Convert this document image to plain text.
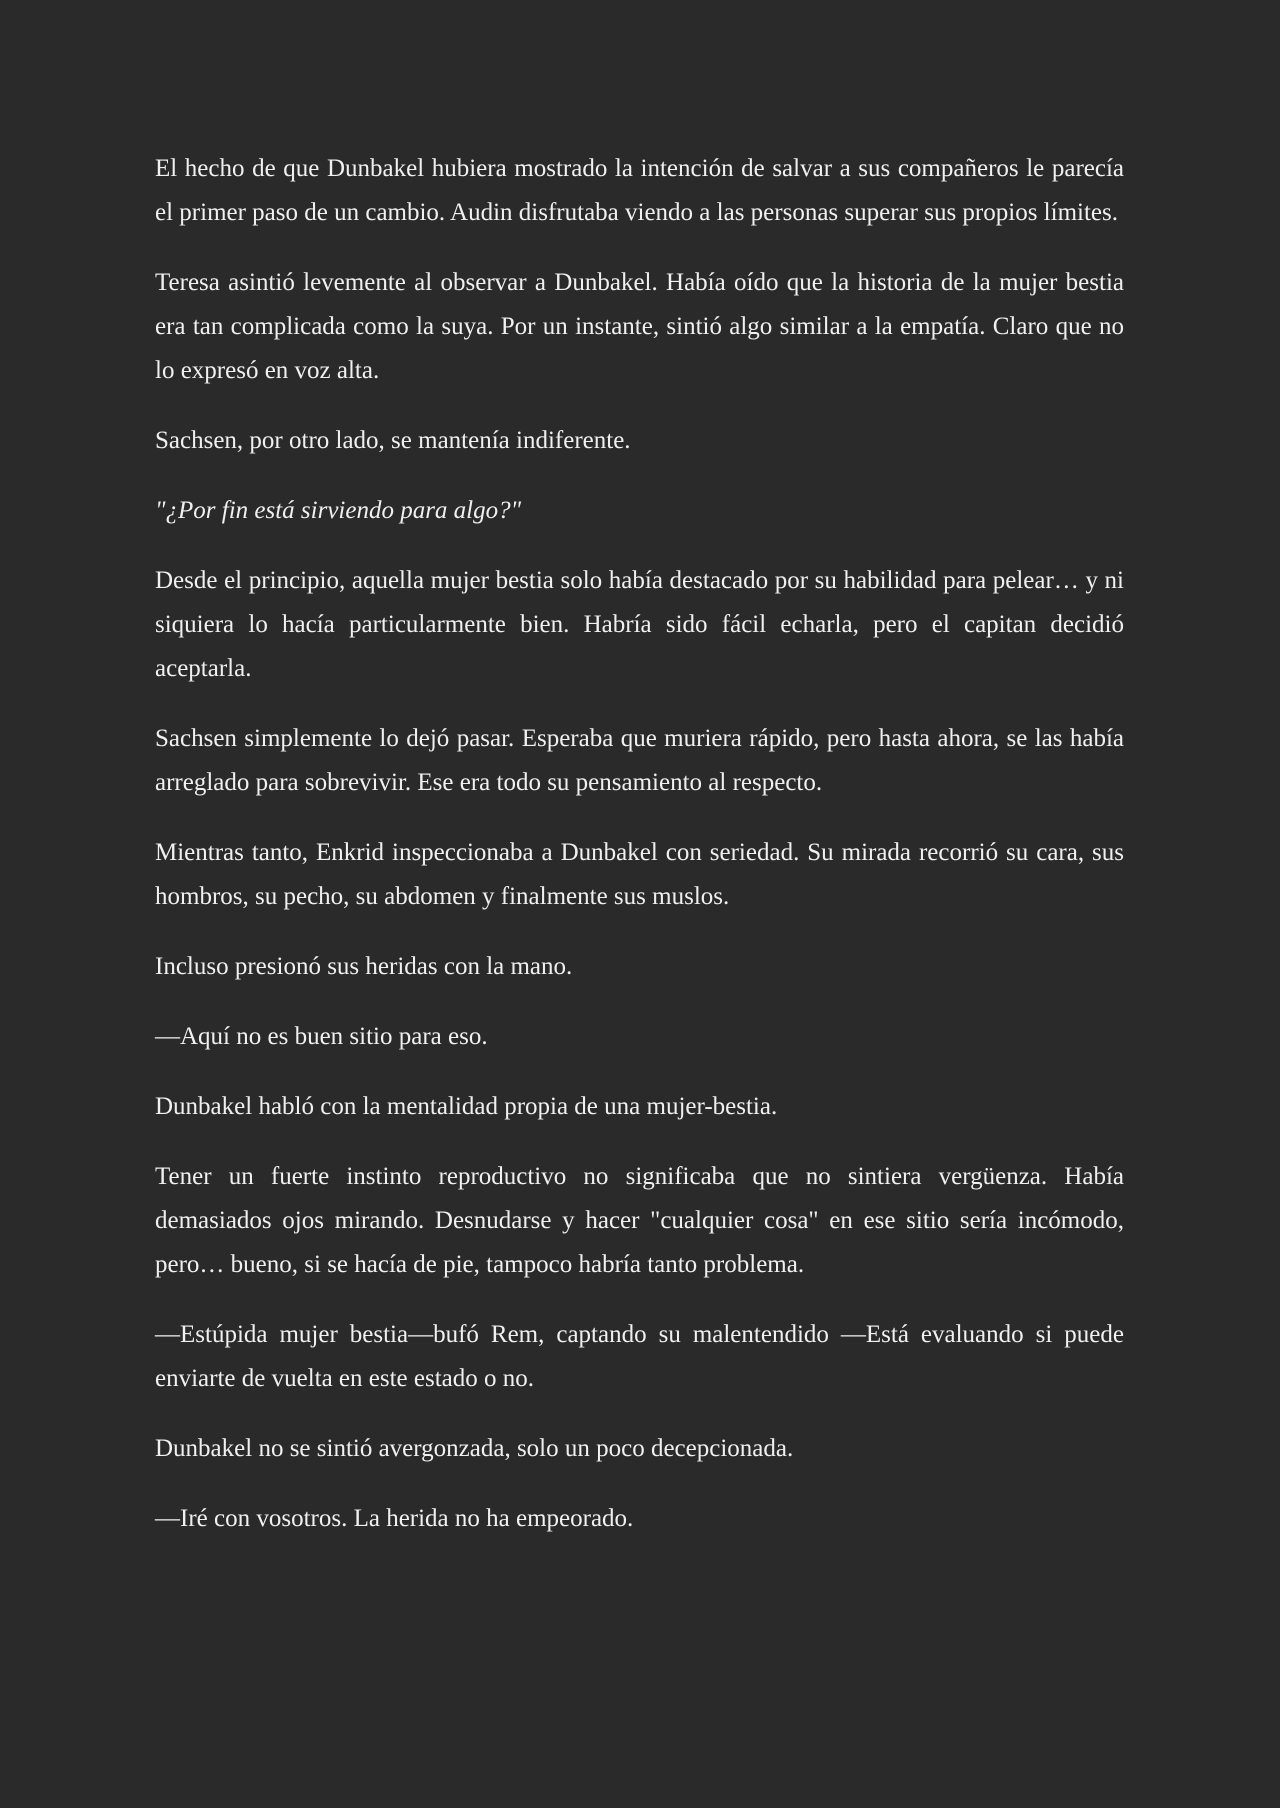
El hecho de que Dunbakel hubiera mostrado la intención de salvar a sus compañeros le parecía el primer paso de un cambio. Audin disfrutaba viendo a las personas superar sus propios límites.

Teresa asintió levemente al observar a Dunbakel. Había oído que la historia de la mujer bestia era tan complicada como la suya. Por un instante, sintió algo similar a la empatía. Claro que no lo expresó en voz alta.

Sachsen, por otro lado, se mantenía indiferente.

"¿Por fin está sirviendo para algo?"

Desde el principio, aquella mujer bestia solo había destacado por su habilidad para pelear… y ni siquiera lo hacía particularmente bien. Habría sido fácil echarla, pero el capitan decidió aceptarla.

Sachsen simplemente lo dejó pasar. Esperaba que muriera rápido, pero hasta ahora, se las había arreglado para sobrevivir. Ese era todo su pensamiento al respecto.

Mientras tanto, Enkrid inspeccionaba a Dunbakel con seriedad. Su mirada recorrió su cara, sus hombros, su pecho, su abdomen y finalmente sus muslos.

Incluso presionó sus heridas con la mano.

—Aquí no es buen sitio para eso.

Dunbakel habló con la mentalidad propia de una mujer-bestia.

Tener un fuerte instinto reproductivo no significaba que no sintiera vergüenza. Había demasiados ojos mirando. Desnudarse y hacer "cualquier cosa" en ese sitio sería incómodo, pero… bueno, si se hacía de pie, tampoco habría tanto problema.

—Estúpida mujer bestia—bufó Rem, captando su malentendido —Está evaluando si puede enviarte de vuelta en este estado o no.

Dunbakel no se sintió avergonzada, solo un poco decepcionada.

—Iré con vosotros. La herida no ha empeorado.
